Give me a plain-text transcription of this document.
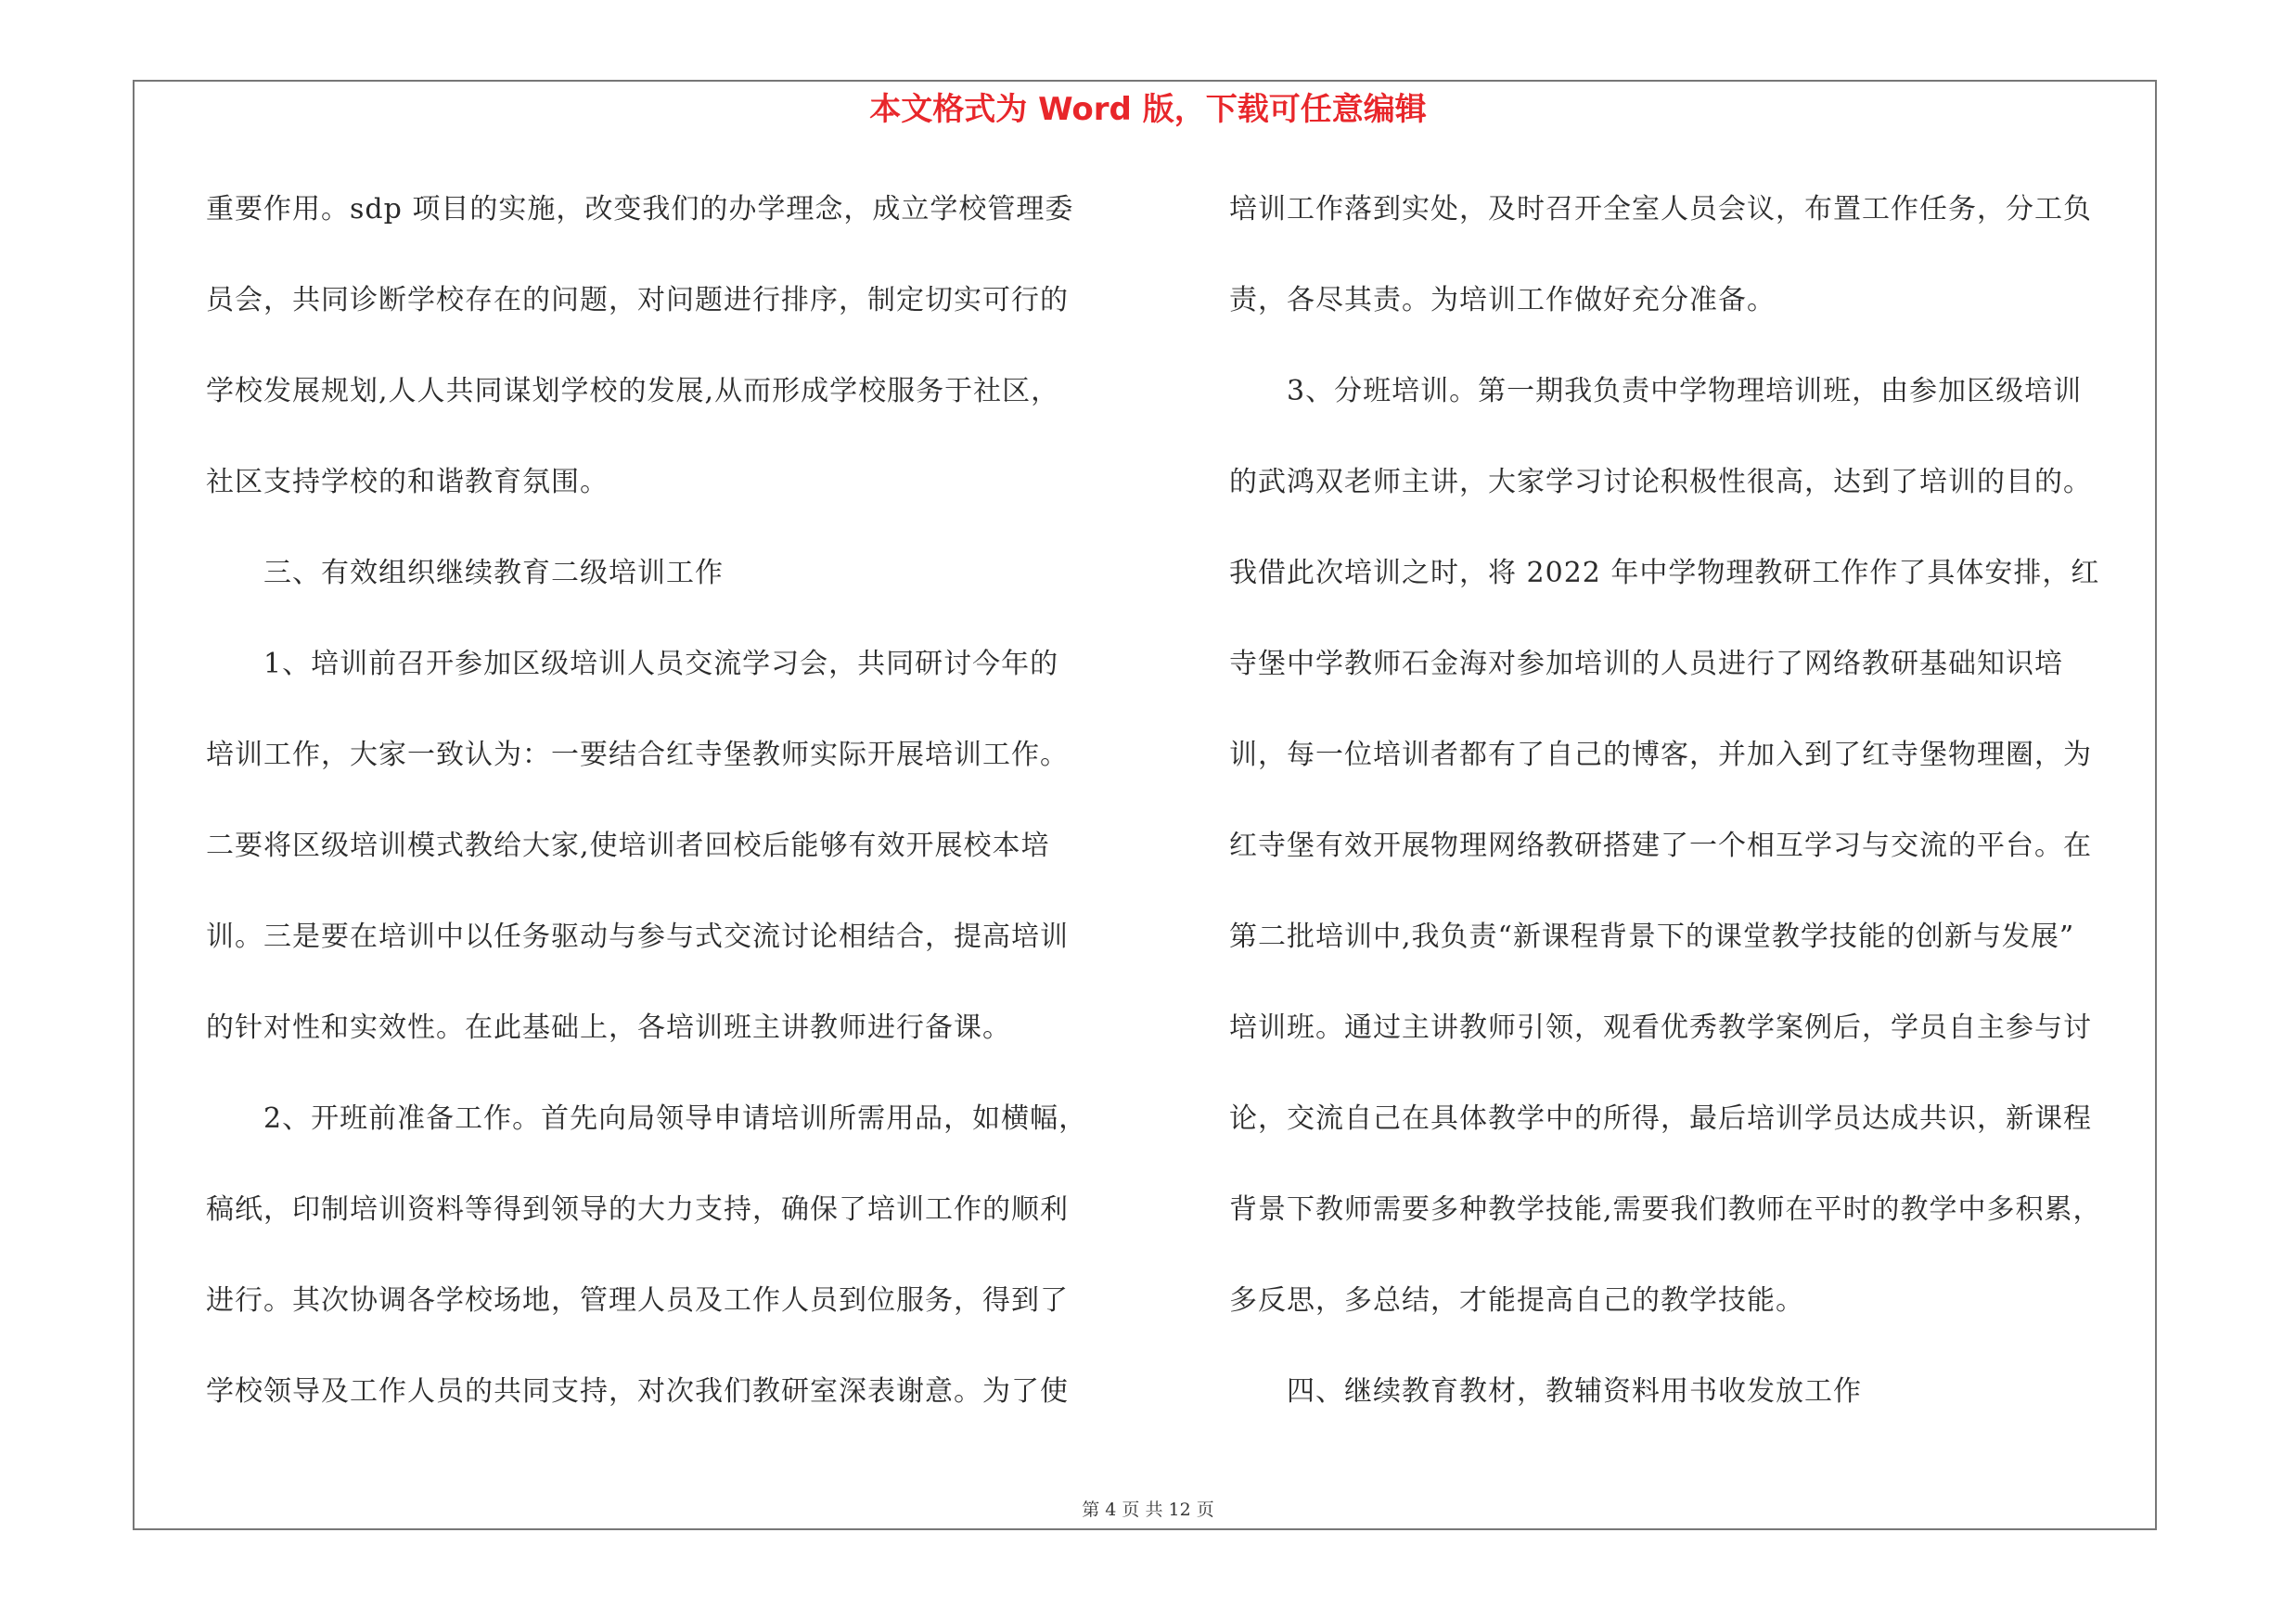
本文格式为 Word 版，下载可任意编辑
重要作用。sdp 项目的实施，改变我们的办学理念，成立学校管理委
员会，共同诊断学校存在的问题，对问题进行排序，制定切实可行的
学校发展规划,人人共同谋划学校的发展,从而形成学校服务于社区，
社区支持学校的和谐教育氛围。
三、有效组织继续教育二级培训工作
1、培训前召开参加区级培训人员交流学习会，共同研讨今年的
培训工作，大家一致认为：一要结合红寺堡教师实际开展培训工作。
二要将区级培训模式教给大家,使培训者回校后能够有效开展校本培
训。三是要在培训中以任务驱动与参与式交流讨论相结合，提高培训
的针对性和实效性。在此基础上，各培训班主讲教师进行备课。
2、开班前准备工作。首先向局领导申请培训所需用品，如横幅，
稿纸，印制培训资料等得到领导的大力支持，确保了培训工作的顺利
进行。其次协调各学校场地，管理人员及工作人员到位服务，得到了
学校领导及工作人员的共同支持，对次我们教研室深表谢意。为了使
培训工作落到实处，及时召开全室人员会议，布置工作任务，分工负
责，各尽其责。为培训工作做好充分准备。
3、分班培训。第一期我负责中学物理培训班，由参加区级培训
的武鸿双老师主讲，大家学习讨论积极性很高，达到了培训的目的。
我借此次培训之时，将 2022 年中学物理教研工作作了具体安排，红
寺堡中学教师石金海对参加培训的人员进行了网络教研基础知识培
训，每一位培训者都有了自己的博客，并加入到了红寺堡物理圈，为
红寺堡有效开展物理网络教研搭建了一个相互学习与交流的平台。在
第二批培训中,我负责“新课程背景下的课堂教学技能的创新与发展”
培训班。通过主讲教师引领，观看优秀教学案例后，学员自主参与讨
论，交流自己在具体教学中的所得，最后培训学员达成共识，新课程
背景下教师需要多种教学技能,需要我们教师在平时的教学中多积累，
多反思，多总结，才能提高自己的教学技能。
四、继续教育教材，教辅资料用书收发放工作
第 4 页 共 12 页
